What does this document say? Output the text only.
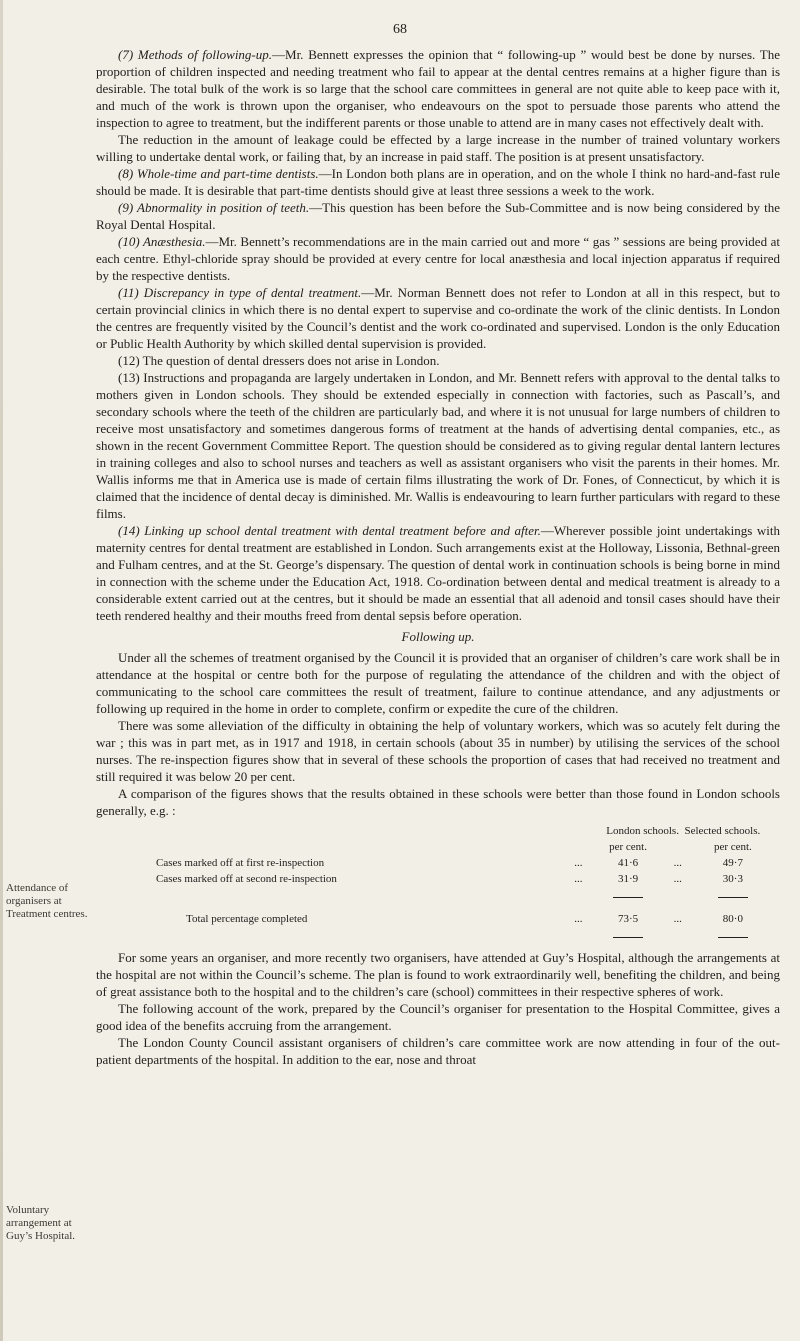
68

(7) Methods of following-up.—Mr. Bennett expresses the opinion that “ following-up ” would best be done by nurses. The proportion of children inspected and needing treatment who fail to appear at the dental centres remains at a higher figure than is desirable. The total bulk of the work is so large that the school care committees in general are not quite able to keep pace with it, and much of the work is thrown upon the organiser, who endeavours on the spot to persuade those parents who attend the inspection to agree to treatment, but the indifferent parents or those unable to attend are in many cases not effectively dealt with.

The reduction in the amount of leakage could be effected by a large increase in the number of trained voluntary workers willing to undertake dental work, or failing that, by an increase in paid staff. The position is at present unsatisfactory.

(8) Whole-time and part-time dentists.—In London both plans are in operation, and on the whole I think no hard-and-fast rule should be made. It is desirable that part-time dentists should give at least three sessions a week to the work.

(9) Abnormality in position of teeth.—This question has been before the Sub-Committee and is now being considered by the Royal Dental Hospital.

(10) Anæsthesia.—Mr. Bennett’s recommendations are in the main carried out and more “ gas ” sessions are being provided at each centre. Ethyl-chloride spray should be provided at every centre for local anæsthesia and local injection apparatus if required by the respective dentists.

(11) Discrepancy in type of dental treatment.—Mr. Norman Bennett does not refer to London at all in this respect, but to certain provincial clinics in which there is no dental expert to supervise and co-ordinate the work of the clinic dentists. In London the centres are frequently visited by the Council’s dentist and the work co-ordinated and supervised. London is the only Education or Public Health Authority by which skilled dental supervision is provided.

(12) The question of dental dressers does not arise in London.

(13) Instructions and propaganda are largely undertaken in London, and Mr. Bennett refers with approval to the dental talks to mothers given in London schools. They should be extended especially in connection with factories, such as Pascall’s, and secondary schools where the teeth of the children are particularly bad, and where it is not unusual for large numbers of children to receive most unsatisfactory and sometimes dangerous forms of treatment at the hands of advertising dental companies, etc., as shown in the recent Government Committee Report. The question should be considered as to giving regular dental lantern lectures in training colleges and also to school nurses and teachers as well as assistant organisers who visit the parents in their homes. Mr. Wallis informs me that in America use is made of certain films illustrating the work of Dr. Fones, of Connecticut, by which it is claimed that the incidence of dental decay is diminished. Mr. Wallis is endeavouring to learn further particulars with regard to these films.

(14) Linking up school dental treatment with dental treatment before and after.—Wherever possible joint undertakings with maternity centres for dental treatment are established in London. Such arrangements exist at the Holloway, Lissonia, Bethnal-green and Fulham centres, and at the St. George’s dispensary. The question of dental work in continuation schools is being borne in mind in connection with the scheme under the Education Act, 1918. Co-ordination between dental and medical treatment is already to a considerable extent carried out at the centres, but it should be made an essential that all adenoid and tonsil cases should have their teeth rendered healthy and their mouths freed from dental sepsis before operation.

Following up.

Under all the schemes of treatment organised by the Council it is provided that an organiser of children’s care work shall be in attendance at the hospital or centre both for the purpose of regulating the attendance of the children and with the object of communicating to the school care committees the result of treatment, failure to continue attendance, and any adjustments or following up required in the home in order to complete, confirm or expedite the cure of the children.

There was some alleviation of the difficulty in obtaining the help of voluntary workers, which was so acutely felt during the war ; this was in part met, as in 1917 and 1918, in certain schools (about 35 in number) by utilising the services of the school nurses. The re-inspection figures show that in several of these schools the proportion of cases that had received no treatment and still required it was below 20 per cent.

A comparison of the figures shows that the results obtained in these schools were better than those found in London schools generally, e.g. :

		London schools. Selected schools.		
		per cent.		per cent.
Cases marked off at first re-inspection	...	41·6	...	49·7
Cases marked off at second re-inspection	...	31·9	...	30·3

Total percentage completed	...	73·5	...	80·0

For some years an organiser, and more recently two organisers, have attended at Guy’s Hospital, although the arrangements at the hospital are not within the Council’s scheme. The plan is found to work extraordinarily well, benefiting the children, and being of great assistance both to the hospital and to the children’s care (school) committees in their respective spheres of work.

The following account of the work, prepared by the Council’s organiser for presentation to the Hospital Committee, gives a good idea of the benefits accruing from the arrangement.

The London County Council assistant organisers of children’s care committee work are now attending in four of the out-patient departments of the hospital. In addition to the ear, nose and throat

Attendance of organisers at Treatment centres.
Voluntary arrangement at Guy’s Hospital.
